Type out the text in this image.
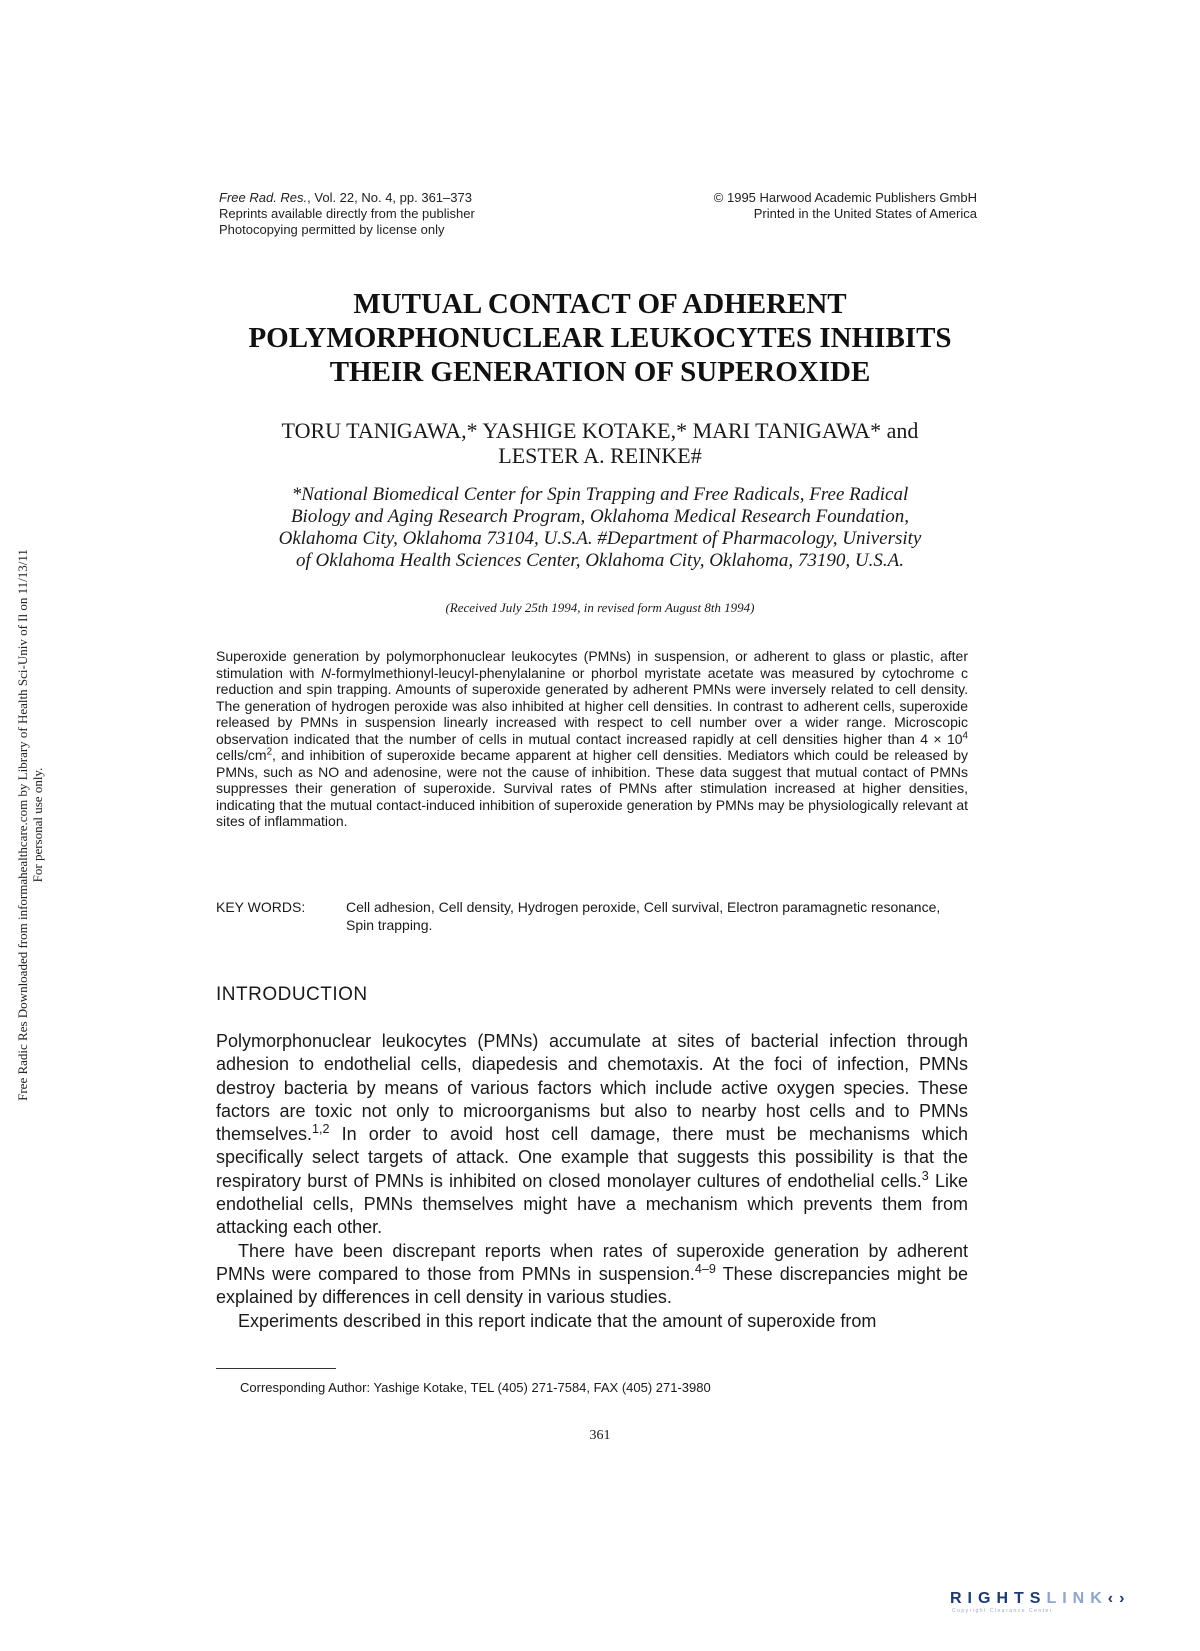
Free Radic Res Downloaded from informahealthcare.com by Library of Health Sci-Univ of Il on 11/13/11 For personal use only.
Free Rad. Res., Vol. 22, No. 4, pp. 361–373
Reprints available directly from the publisher
Photocopying permitted by license only
© 1995 Harwood Academic Publishers GmbH
Printed in the United States of America
MUTUAL CONTACT OF ADHERENT
POLYMORPHONUCLEAR LEUKOCYTES INHIBITS
THEIR GENERATION OF SUPEROXIDE
TORU TANIGAWA,* YASHIGE KOTAKE,* MARI TANIGAWA* and
LESTER A. REINKE#
*National Biomedical Center for Spin Trapping and Free Radicals, Free Radical
Biology and Aging Research Program, Oklahoma Medical Research Foundation,
Oklahoma City, Oklahoma 73104, U.S.A. #Department of Pharmacology, University
of Oklahoma Health Sciences Center, Oklahoma City, Oklahoma, 73190, U.S.A.
(Received July 25th 1994, in revised form August 8th 1994)
Superoxide generation by polymorphonuclear leukocytes (PMNs) in suspension, or adherent to glass or plastic, after stimulation with N-formylmethionyl-leucyl-phenylalanine or phorbol myristate acetate was measured by cytochrome c reduction and spin trapping. Amounts of superoxide generated by adherent PMNs were inversely related to cell density. The generation of hydrogen peroxide was also inhibited at higher cell densities. In contrast to adherent cells, superoxide released by PMNs in suspension linearly increased with respect to cell number over a wider range. Microscopic observation indicated that the number of cells in mutual contact increased rapidly at cell densities higher than $4 \times 10^4$ cells/$cm^2$, and inhibition of superoxide became apparent at higher cell densities. Mediators which could be released by PMNs, such as NO and adenosine, were not the cause of inhibition. These data suggest that mutual contact of PMNs suppresses their generation of superoxide. Survival rates of PMNs after stimulation increased at higher densities, indicating that the mutual contact-induced inhibition of superoxide generation by PMNs may be physiologically relevant at sites of inflammation.
KEY WORDS:	Cell adhesion, Cell density, Hydrogen peroxide, Cell survival, Electron paramagnetic resonance, Spin trapping.
INTRODUCTION

Polymorphonuclear leukocytes (PMNs) accumulate at sites of bacterial infection through adhesion to endothelial cells, diapedesis and chemotaxis. At the foci of infection, PMNs destroy bacteria by means of various factors which include active oxygen species. These factors are toxic not only to microorganisms but also to nearby host cells and to PMNs themselves.$^{1,2}$ In order to avoid host cell damage, there must be mechanisms which specifically select targets of attack. One example that suggests this possibility is that the respiratory burst of PMNs is inhibited on closed monolayer cultures of endothelial cells.$^3$ Like endothelial cells, PMNs themselves might have a mechanism which prevents them from attacking each other.

There have been discrepant reports when rates of superoxide generation by adherent PMNs were compared to those from PMNs in suspension.$^{4-9}$ These discrepancies might be explained by differences in cell density in various studies.

Experiments described in this report indicate that the amount of superoxide from

Corresponding Author: Yashige Kotake, TEL (405) 271-7584, FAX (405) 271-3980
361
RIGHTSLINK‹›
Copyright Clearance Center
